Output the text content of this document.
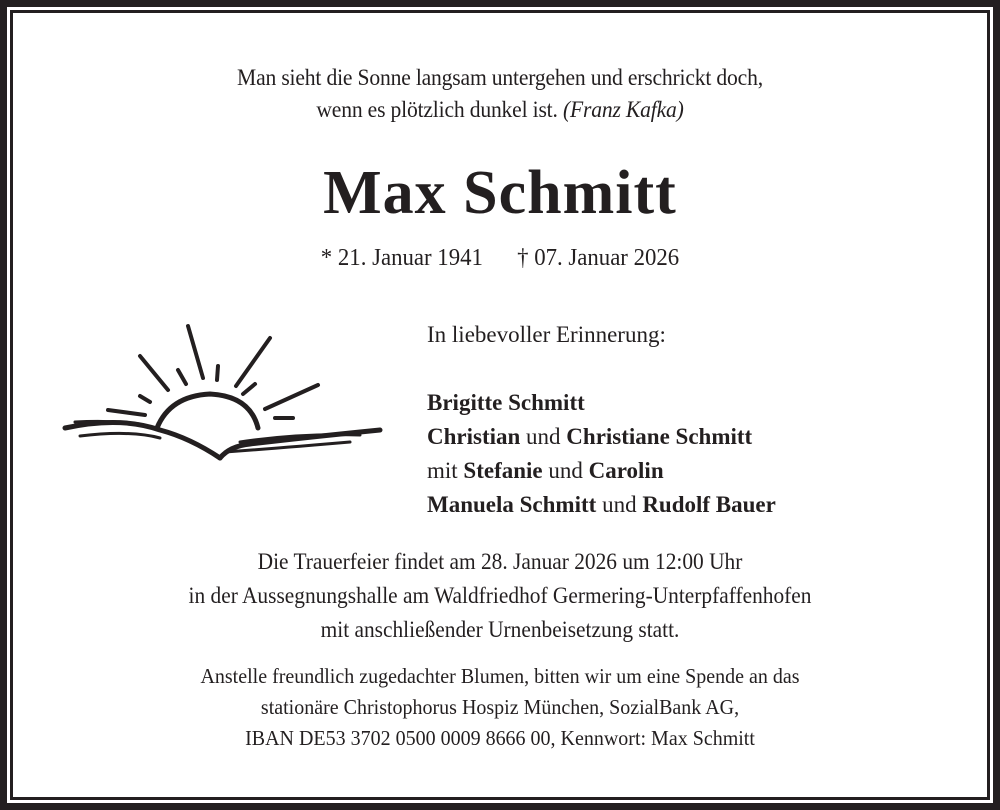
Man sieht die Sonne langsam untergehen und erschrickt doch,
wenn es plötzlich dunkel ist. (Franz Kafka)
Max Schmitt
* 21. Januar 1941 † 07. Januar 2026
In liebevoller Erinnerung:
Brigitte Schmitt
Christian und Christiane Schmitt
mit Stefanie und Carolin
Manuela Schmitt und Rudolf Bauer
Die Trauerfeier findet am 28. Januar 2026 um 12:00 Uhr
in der Aussegnungshalle am Waldfriedhof Germering-Unterpfaffenhofen
mit anschließender Urnenbeisetzung statt.
Anstelle freundlich zugedachter Blumen, bitten wir um eine Spende an das
stationäre Christophorus Hospiz München, SozialBank AG,
IBAN DE53 3702 0500 0009 8666 00, Kennwort: Max Schmitt
